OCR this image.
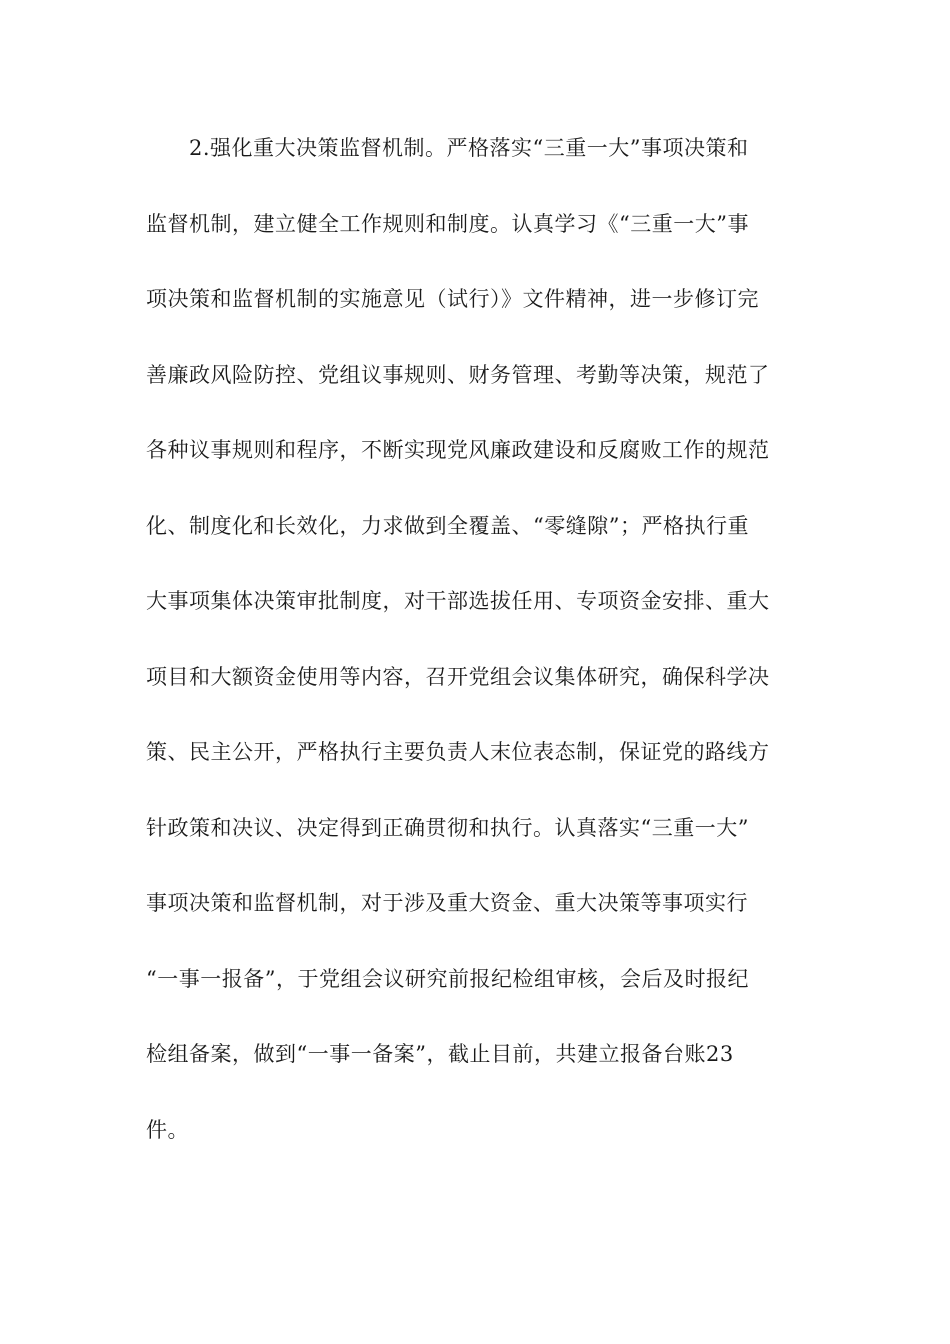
2.强化重大决策监督机制。严格落实“三重一大”事项决策和
监督机制，建立健全工作规则和制度。认真学习《“三重一大”事
项决策和监督机制的实施意见（试行）》文件精神，进一步修订完
善廉政风险防控、党组议事规则、财务管理、考勤等决策，规范了
各种议事规则和程序，不断实现党风廉政建设和反腐败工作的规范
化、制度化和长效化，力求做到全覆盖、“零缝隙”；严格执行重
大事项集体决策审批制度，对干部选拔任用、专项资金安排、重大
项目和大额资金使用等内容，召开党组会议集体研究，确保科学决
策、民主公开，严格执行主要负责人末位表态制，保证党的路线方
针政策和决议、决定得到正确贯彻和执行。认真落实“三重一大”
事项决策和监督机制，对于涉及重大资金、重大决策等事项实行
“一事一报备”，于党组会议研究前报纪检组审核，会后及时报纪
检组备案，做到“一事一备案”，截止目前，共建立报备台账23
件。
